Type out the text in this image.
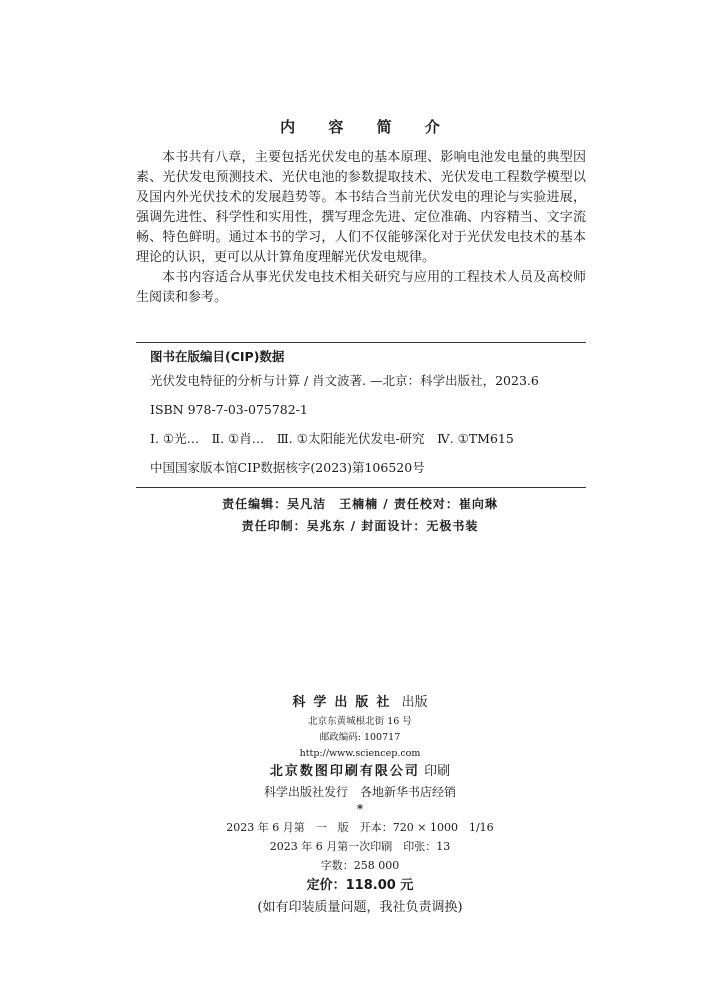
内 容 简 介

本书共有八章，主要包括光伏发电的基本原理、影响电池发电量的典型因素、光伏发电预测技术、光伏电池的参数提取技术、光伏发电工程数学模型以及国内外光伏技术的发展趋势等。本书结合当前光伏发电的理论与实验进展，强调先进性、科学性和实用性，撰写理念先进、定位准确、内容精当、文字流畅、特色鲜明。通过本书的学习，人们不仅能够深化对于光伏发电技术的基本理论的认识，更可以从计算角度理解光伏发电规律。

本书内容适合从事光伏发电技术相关研究与应用的工程技术人员及高校师生阅读和参考。

图书在版编目(CIP)数据
光伏发电特征的分析与计算 / 肖文波著. —北京：科学出版社，2023.6
ISBN 978-7-03-075782-1
Ⅰ. ①光…　Ⅱ. ①肖…　Ⅲ. ①太阳能光伏发电-研究　Ⅳ. ①TM615
中国国家版本馆CIP数据核字(2023)第106520号
责任编辑：吴凡洁　王楠楠 / 责任校对：崔向琳
责任印制：吴兆东 / 封面设计：无极书装
科学出版社 出版
北京东黄城根北街 16 号
邮政编码: 100717
http://www.sciencep.com
北京数图印刷有限公司 印刷
科学出版社发行　各地新华书店经销
*
2023 年 6 月第　一　版　开本：720 × 1000　1/16
2023 年 6 月第一次印刷　印张：13
字数：258 000
定价：118.00 元
(如有印装质量问题，我社负责调换)
